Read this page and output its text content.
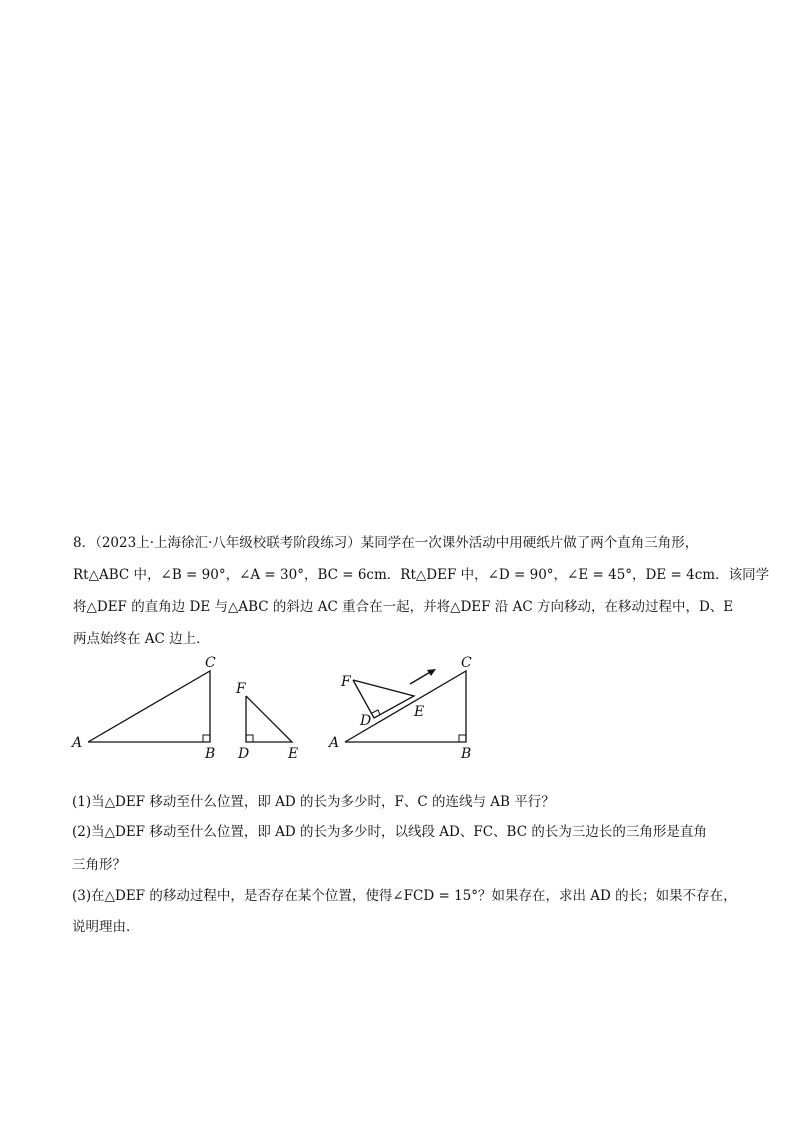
8．（2023上·上海徐汇·八年级校联考阶段练习）某同学在一次课外活动中用硬纸片做了两个直角三角形，
Rt△ABC 中，∠B = 90°，∠A = 30°，BC = 6cm．Rt△DEF 中，∠D = 90°，∠E = 45°，DE = 4cm．该同学
将△DEF 的直角边 DE 与△ABC 的斜边 AC 重合在一起，并将△DEF 沿 AC 方向移动，在移动过程中，D、E
两点始终在 AC 边上．
A
B
C
F
D	E
A
B
C
F
D
E
(1)当△DEF 移动至什么位置，即 AD 的长为多少时，F、C 的连线与 AB 平行？
(2)当△DEF 移动至什么位置，即 AD 的长为多少时，以线段 AD、FC、BC 的长为三边长的三角形是直角
三角形？
(3)在△DEF 的移动过程中，是否存在某个位置，使得∠FCD = 15°？如果存在，求出 AD 的长；如果不存在，
说明理由．
